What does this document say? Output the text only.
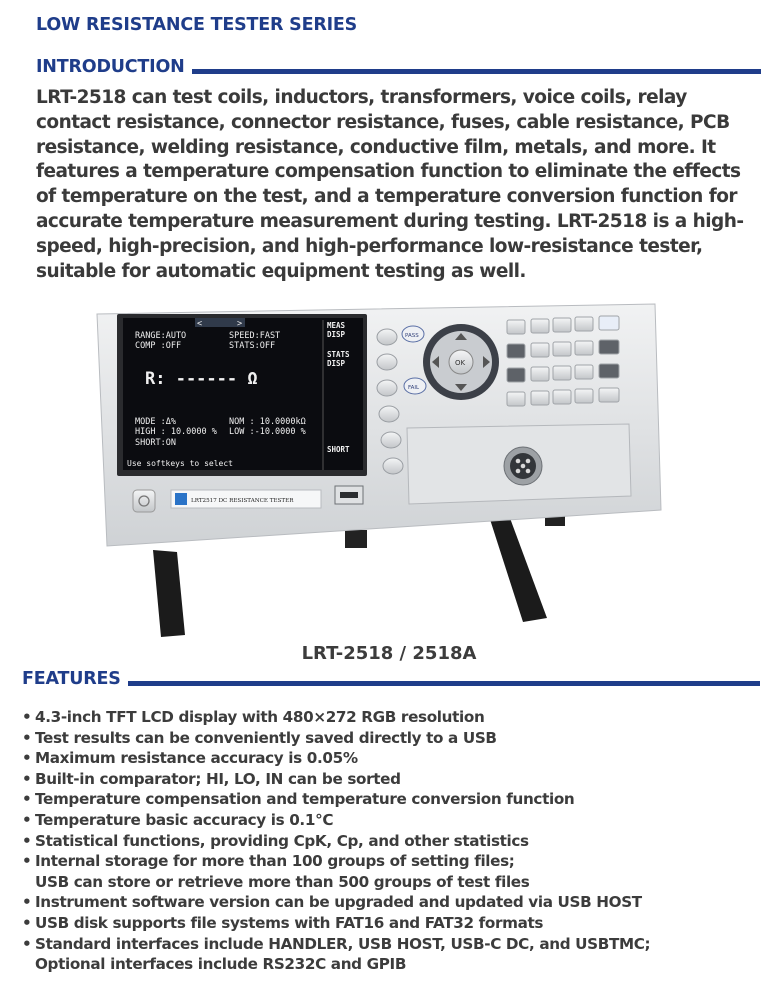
LOW RESISTANCE TESTER SERIES
INTRODUCTION

LRT-2518 can test coils, inductors, transformers, voice coils, relay contact resistance, connector resistance, fuses, cable resistance, PCB resistance, welding resistance, conductive film, metals, and more. It features a temperature compensation function to eliminate the effects of temperature on the test, and a temperature conversion function for accurate temperature measurement during testing. LRT-2518 is a high-speed, high-precision, and high-performance low-resistance tester, suitable for automatic equipment testing as well.

<	>
RANGE:AUTO	SPEED:FAST
COMP :OFF	STATS:OFF
R: ------ Ω
MODE :Δ%	NOM : 10.0000kΩ
HIGH : 10.0000 % LOW :-10.0000 %
SHORT:ON
Use softkeys to select
MEAS
DISP
STATS
DISP
SHORT
PASS
FAIL
OK
LRT2517 DC RESISTANCE TESTER
LRT-2518 / 2518A
FEATURES
• 4.3-inch TFT LCD display with 480×272 RGB resolution
• Test results can be conveniently saved directly to a USB
• Maximum resistance accuracy is 0.05%
• Built-in comparator; HI, LO, IN can be sorted
• Temperature compensation and temperature conversion function
• Temperature basic accuracy is 0.1℃
• Statistical functions, providing CpK, Cp, and other statistics
• Internal storage for more than 100 groups of setting files;
USB can store or retrieve more than 500 groups of test files
• Instrument software version can be upgraded and updated via USB HOST
• USB disk supports file systems with FAT16 and FAT32 formats
• Standard interfaces include HANDLER, USB HOST, USB-C DC, and USBTMC;
Optional interfaces include RS232C and GPIB
